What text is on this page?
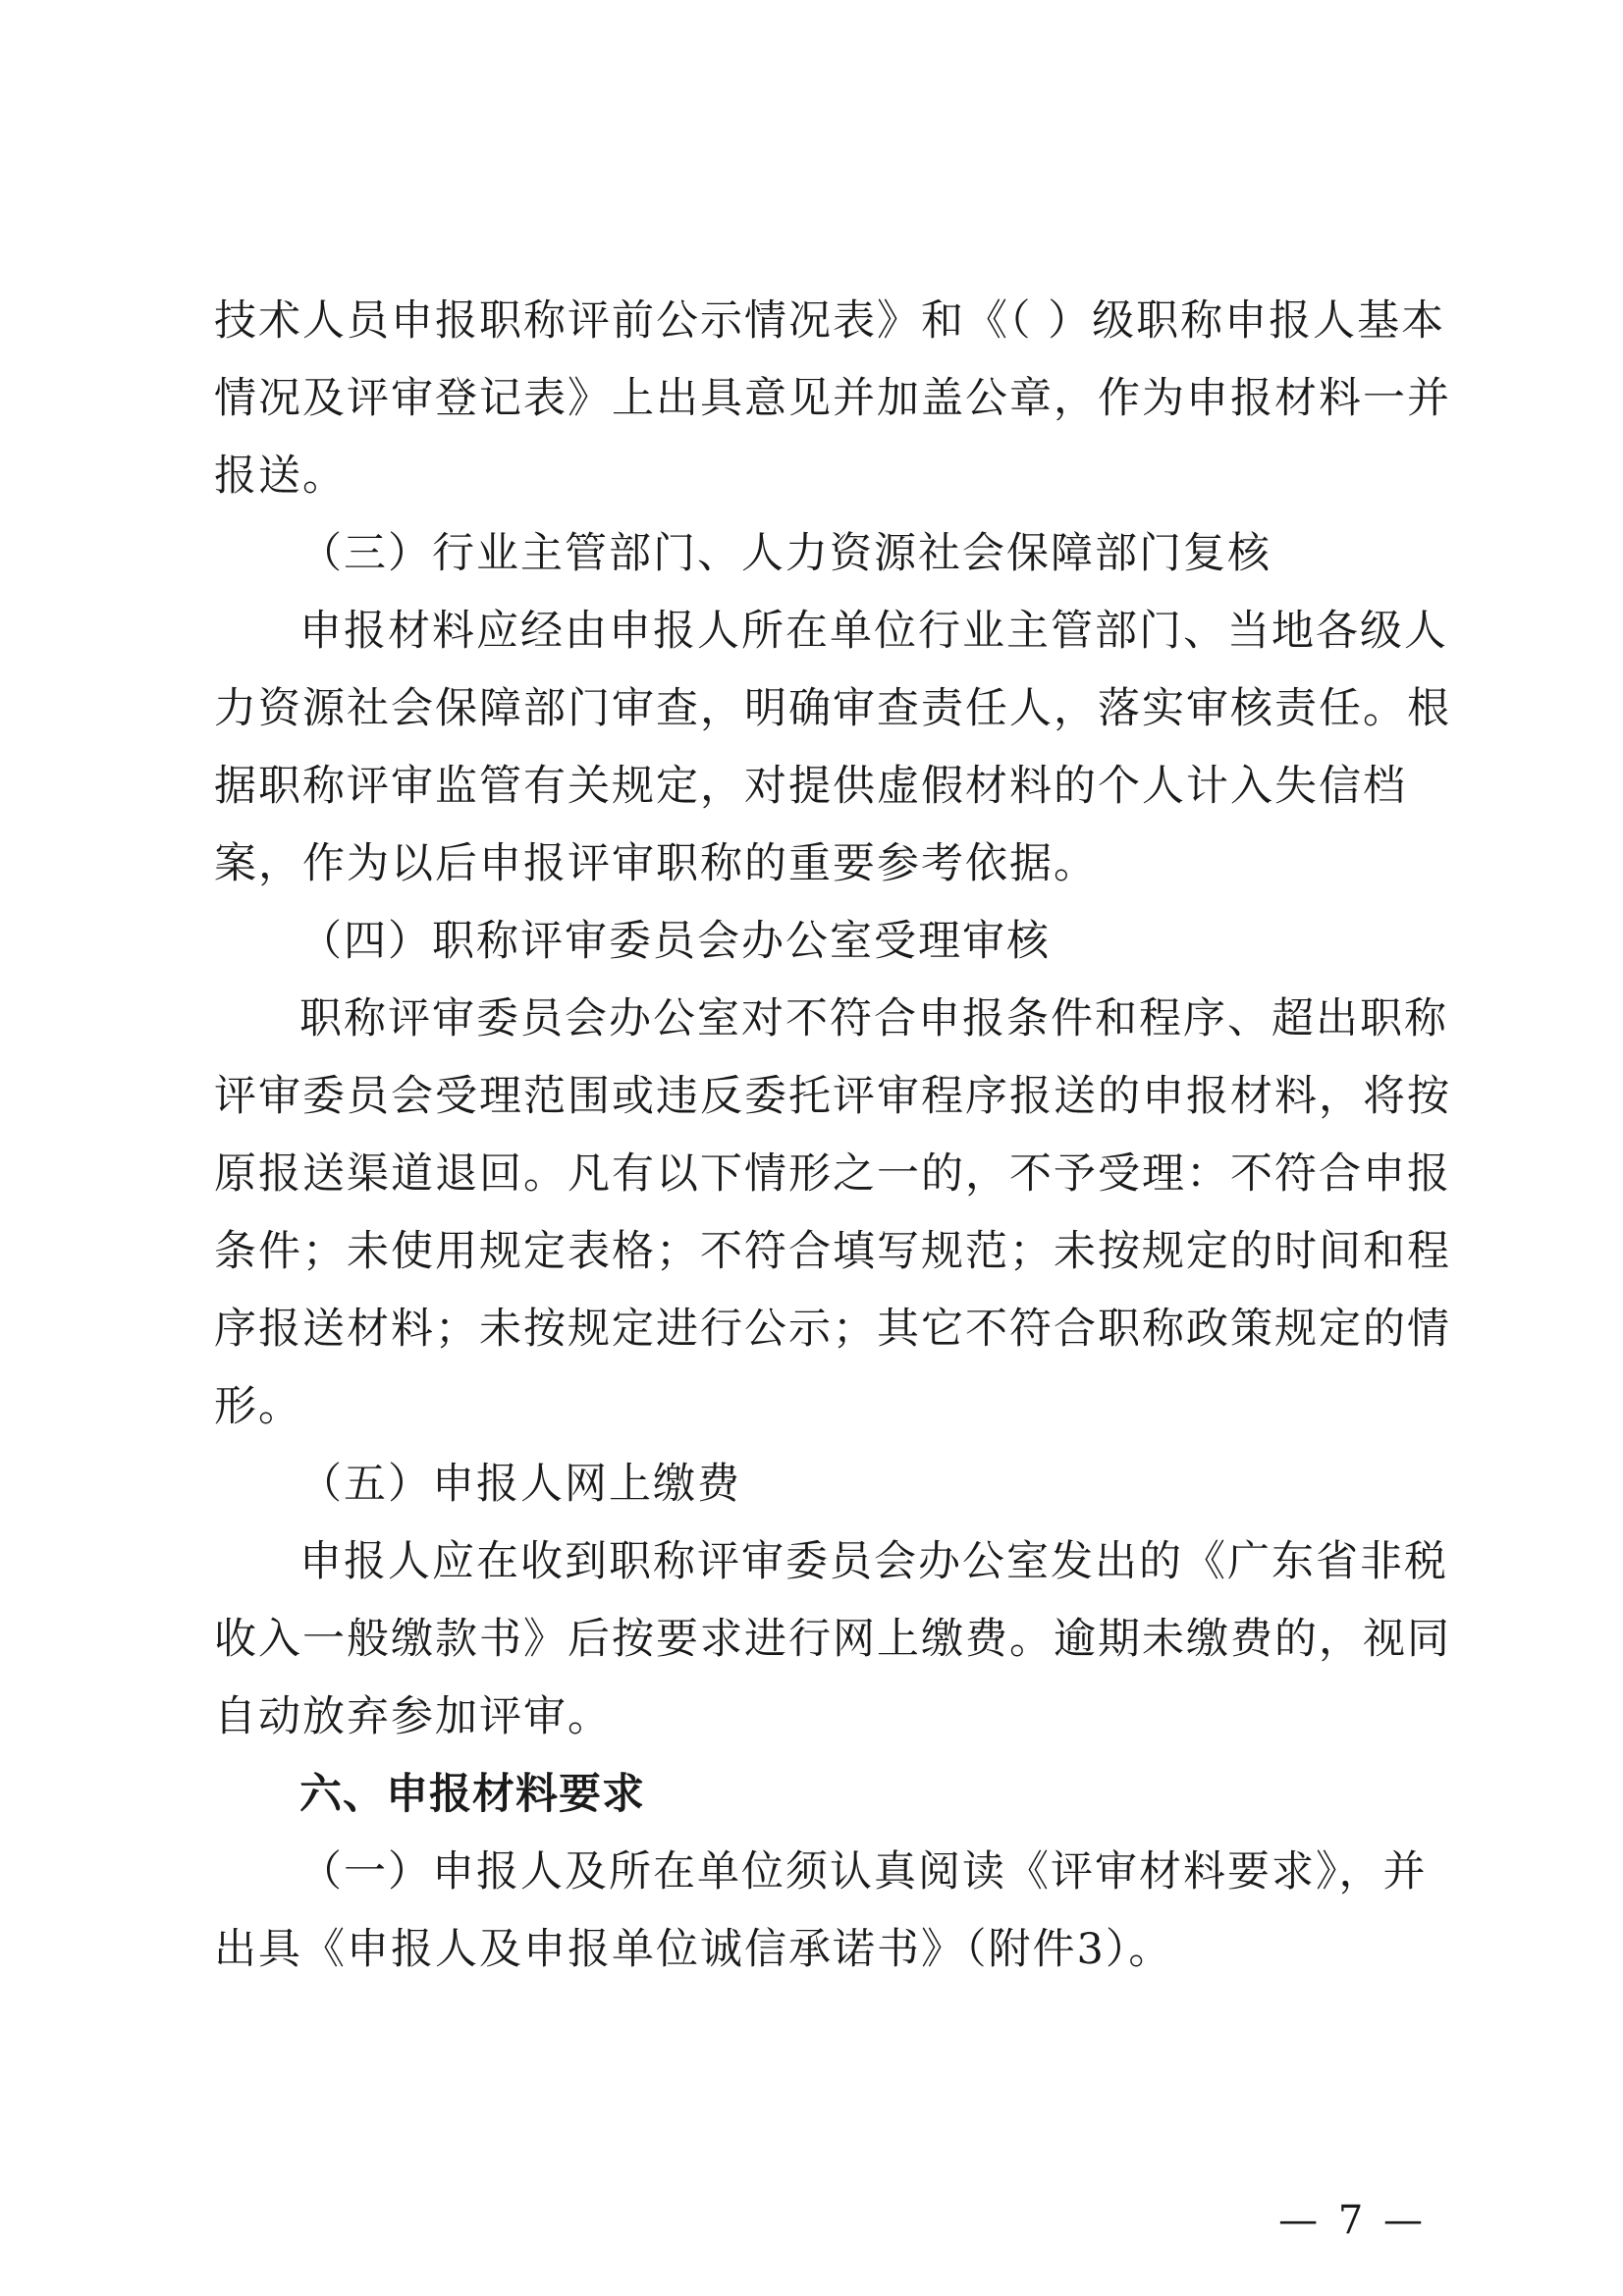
技术人员申报职称评前公示情况表》和《（ ）级职称申报人基本
情况及评审登记表》上出具意见并加盖公章，作为申报材料一并
报送。
（三）行业主管部门、人力资源社会保障部门复核
申报材料应经由申报人所在单位行业主管部门、当地各级人
力资源社会保障部门审查，明确审查责任人，落实审核责任。根
据职称评审监管有关规定，对提供虚假材料的个人计入失信档
案，作为以后申报评审职称的重要参考依据。
（四）职称评审委员会办公室受理审核
职称评审委员会办公室对不符合申报条件和程序、超出职称
评审委员会受理范围或违反委托评审程序报送的申报材料，将按
原报送渠道退回。凡有以下情形之一的，不予受理：不符合申报
条件；未使用规定表格；不符合填写规范；未按规定的时间和程
序报送材料；未按规定进行公示；其它不符合职称政策规定的情
形。
（五）申报人网上缴费
申报人应在收到职称评审委员会办公室发出的《广东省非税
收入一般缴款书》后按要求进行网上缴费。逾期未缴费的，视同
自动放弃参加评审。
六、申报材料要求
（一）申报人及所在单位须认真阅读《评审材料要求》，并
出具《申报人及申报单位诚信承诺书》（附件3）。
— 7 —
